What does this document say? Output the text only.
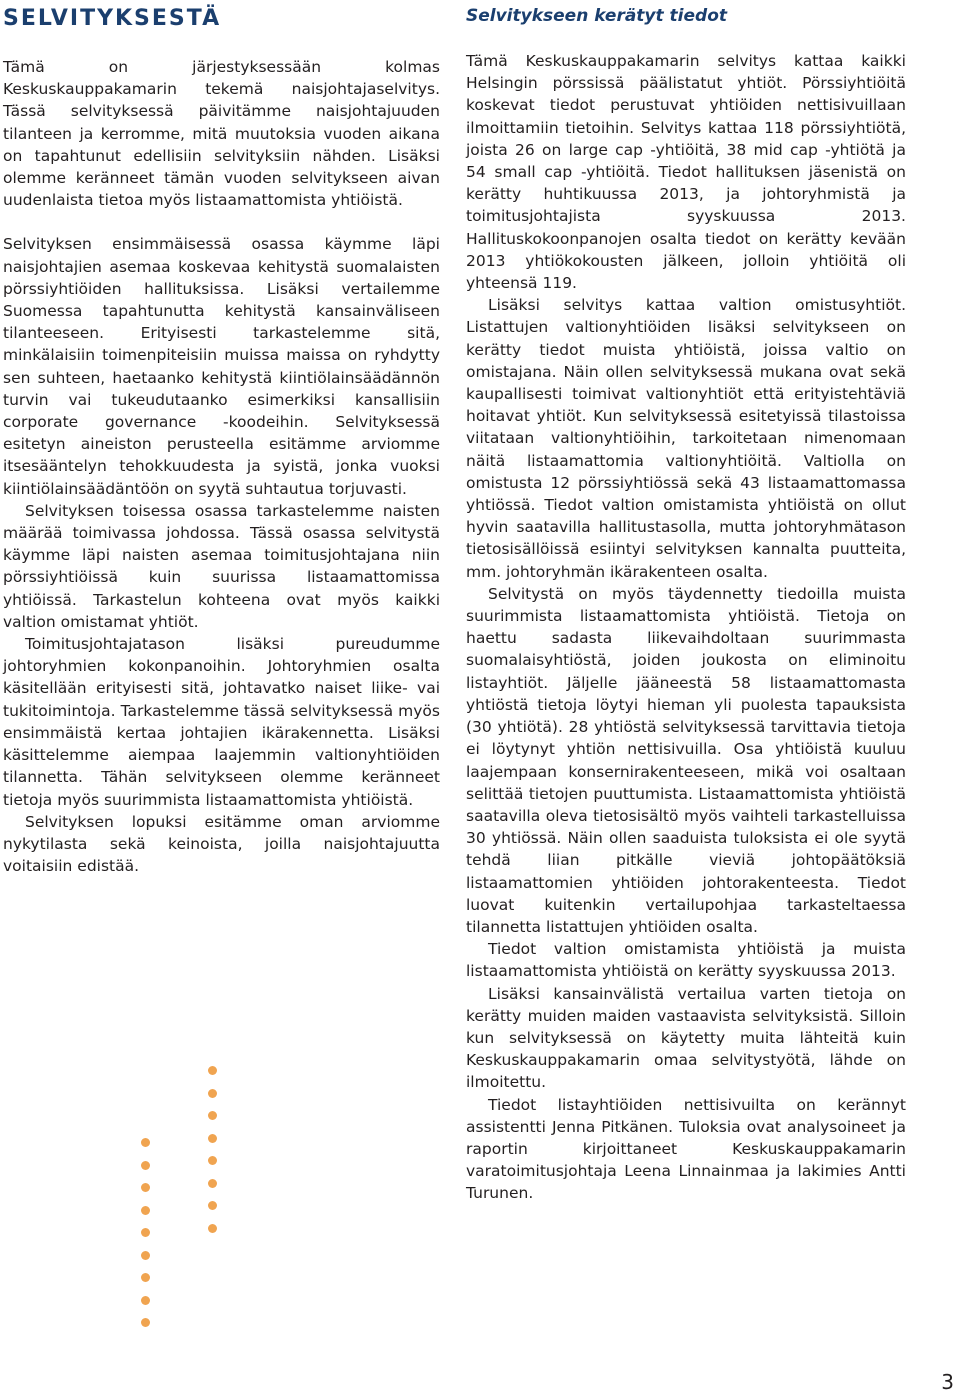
SELVITYKSESTÄ

Tämä on järjestyksessään kolmas Keskuskauppakamarin tekemä naisjohtajaselvitys. Tässä selvityksessä päivitämme naisjohtajuuden tilanteen ja kerromme, mitä muutoksia vuoden aikana on tapahtunut edellisiin selvityksiin nähden. Lisäksi olemme keränneet tämän vuoden selvitykseen aivan uudenlaista tietoa myös listaamattomista yhtiöistä.

Selvityksen ensimmäisessä osassa käymme läpi naisjohtajien asemaa koskevaa kehitystä suomalaisten pörssiyhtiöiden hallituksissa. Lisäksi vertailemme Suomessa tapahtunutta kehitystä kansainväliseen tilanteeseen. Erityisesti tarkastelemme sitä, minkälaisiin toimenpiteisiin muissa maissa on ryhdytty sen suhteen, haetaanko kehitystä kiintiölainsäädännön turvin vai tukeudutaanko esimerkiksi kansallisiin corporate governance -koodeihin. Selvityksessä esitetyn aineiston perusteella esitämme arviomme itsesääntelyn tehokkuudesta ja syistä, jonka vuoksi kiintiölainsäädäntöön on syytä suhtautua torjuvasti.

Selvityksen toisessa osassa tarkastelemme naisten määrää toimivassa johdossa. Tässä osassa selvitystä käymme läpi naisten asemaa toimitusjohtajana niin pörssiyhtiöissä kuin suurissa listaamattomissa yhtiöissä. Tarkastelun kohteena ovat myös kaikki valtion omistamat yhtiöt.

Toimitusjohtajatason lisäksi pureudumme johtoryhmien kokonpanoihin. Johtoryhmien osalta käsitellään erityisesti sitä, johtavatko naiset liike- vai tukitoimintoja. Tarkastelemme tässä selvityksessä myös ensimmäistä kertaa johtajien ikärakennetta. Lisäksi käsittelemme aiempaa laajemmin valtionyhtiöiden tilannetta. Tähän selvitykseen olemme keränneet tietoja myös suurimmista listaamattomista yhtiöistä.

Selvityksen lopuksi esitämme oman arviomme nykytilasta sekä keinoista, joilla naisjohtajuutta voitaisiin edistää.

Selvitykseen kerätyt tiedot

Tämä Keskuskauppakamarin selvitys kattaa kaikki Helsingin pörssissä päälistatut yhtiöt. Pörssiyhtiöitä koskevat tiedot perustuvat yhtiöiden nettisivuillaan ilmoittamiin tietoihin. Selvitys kattaa 118 pörssiyhtiötä, joista 26 on large cap -yhtiöitä, 38 mid cap -yhtiötä ja 54 small cap -yhtiöitä. Tiedot hallituksen jäsenistä on kerätty huhtikuussa 2013, ja johtoryhmistä ja toimitusjohtajista syyskuussa 2013. Hallituskokoonpanojen osalta tiedot on kerätty kevään 2013 yhtiökokousten jälkeen, jolloin yhtiöitä oli yhteensä 119.

Lisäksi selvitys kattaa valtion omistusyhtiöt. Listattujen valtionyhtiöiden lisäksi selvitykseen on kerätty tiedot muista yhtiöistä, joissa valtio on omistajana. Näin ollen selvityksessä mukana ovat sekä kaupallisesti toimivat valtionyhtiöt että erityistehtäviä hoitavat yhtiöt. Kun selvityksessä esitetyissä tilastoissa viitataan valtionyhtiöihin, tarkoitetaan nimenomaan näitä listaamattomia valtionyhtiöitä. Valtiolla on omistusta 12 pörssiyhtiössä sekä 43 listaamattomassa yhtiössä. Tiedot valtion omistamista yhtiöistä on ollut hyvin saatavilla hallitustasolla, mutta johtoryhmätason tietosisällöissä esiintyi selvityksen kannalta puutteita, mm. johtoryhmän ikärakenteen osalta.

Selvitystä on myös täydennetty tiedoilla muista suurimmista listaamattomista yhtiöistä. Tietoja on haettu sadasta liikevaihdoltaan suurimmasta suomalaisyhtiöstä, joiden joukosta on eliminoitu listayhtiöt. Jäljelle jääneestä 58 listaamattomasta yhtiöstä tietoja löytyi hieman yli puolesta tapauksista (30 yhtiötä). 28 yhtiöstä selvityksessä tarvittavia tietoja ei löytynyt yhtiön nettisivuilla. Osa yhtiöistä kuuluu laajempaan konsernirakenteeseen, mikä voi osaltaan selittää tietojen puuttumista. Listaamattomista yhtiöistä saatavilla oleva tietosisältö myös vaihteli tarkastelluissa 30 yhtiössä. Näin ollen saaduista tuloksista ei ole syytä tehdä liian pitkälle vieviä johtopäätöksiä listaamattomien yhtiöiden johtorakenteesta. Tiedot luovat kuitenkin vertailupohjaa tarkasteltaessa tilannetta listattujen yhtiöiden osalta.

Tiedot valtion omistamista yhtiöistä ja muista listaamattomista yhtiöistä on kerätty syyskuussa 2013.

Lisäksi kansainvälistä vertailua varten tietoja on kerätty muiden maiden vastaavista selvityksistä. Silloin kun selvityksessä on käytetty muita lähteitä kuin Keskuskauppakamarin omaa selvitystyötä, lähde on ilmoitettu.

Tiedot listayhtiöiden nettisivuilta on kerännyt assistentti Jenna Pitkänen. Tuloksia ovat analysoineet ja raportin kirjoittaneet Keskuskauppakamarin varatoimitusjohtaja Leena Linnainmaa ja lakimies Antti Turunen.

3
